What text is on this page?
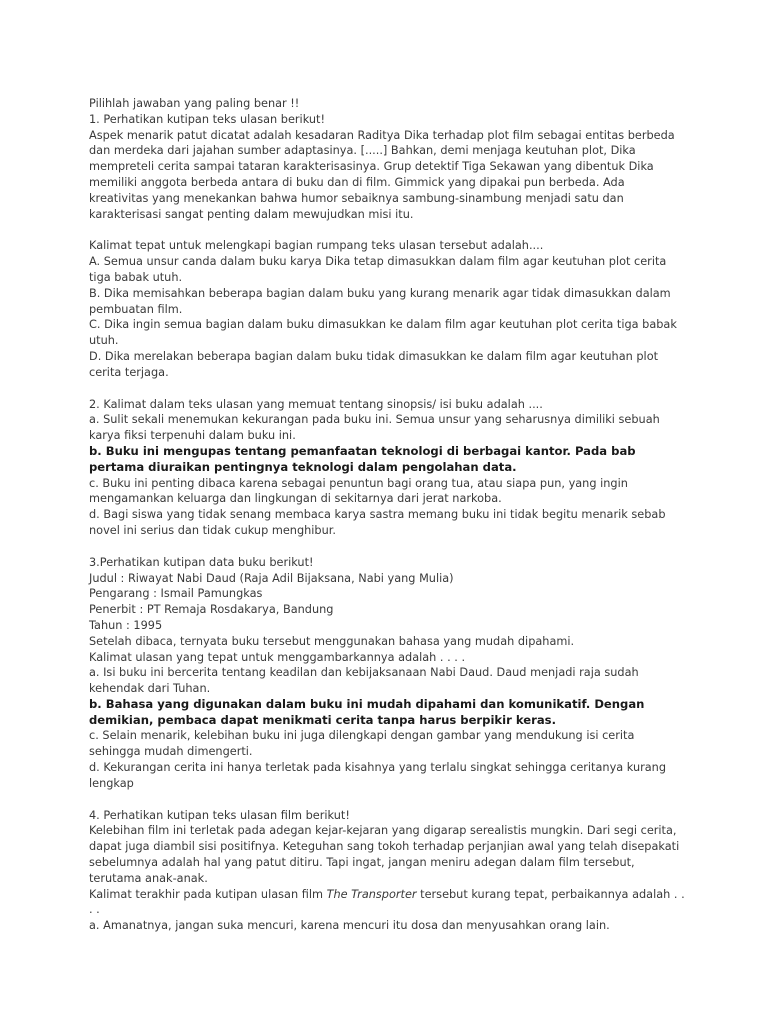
Pilihlah jawaban yang paling benar !!

1. Perhatikan kutipan teks ulasan berikut!

Aspek menarik patut dicatat adalah kesadaran Raditya Dika terhadap plot film sebagai entitas berbeda dan merdeka dari jajahan sumber adaptasinya. [.....] Bahkan, demi menjaga keutuhan plot, Dika mempreteli cerita sampai tataran karakterisasinya. Grup detektif Tiga Sekawan yang dibentuk Dika memiliki anggota berbeda antara di buku dan di film. Gimmick yang dipakai pun berbeda. Ada kreativitas yang menekankan bahwa humor sebaiknya sambung-sinambung menjadi satu dan karakterisasi sangat penting dalam mewujudkan misi itu.

Kalimat tepat untuk melengkapi bagian rumpang teks ulasan tersebut adalah....

A. Semua unsur canda dalam buku karya Dika tetap dimasukkan dalam film agar keutuhan plot cerita tiga babak utuh.

B. Dika memisahkan beberapa bagian dalam buku yang kurang menarik agar tidak dimasukkan dalam pembuatan film.

C. Dika ingin semua bagian dalam buku dimasukkan ke dalam film agar keutuhan plot cerita tiga babak utuh.

D. Dika merelakan beberapa bagian dalam buku tidak dimasukkan ke dalam film agar keutuhan plot cerita terjaga.

2. Kalimat dalam teks ulasan yang memuat tentang sinopsis/ isi buku adalah ....

a. Sulit sekali menemukan kekurangan pada buku ini. Semua unsur yang seharusnya dimiliki sebuah karya fiksi terpenuhi dalam buku ini.

b. Buku ini mengupas tentang pemanfaatan teknologi di berbagai kantor. Pada bab pertama diuraikan pentingnya teknologi dalam pengolahan data.

c. Buku ini penting dibaca karena sebagai penuntun bagi orang tua, atau siapa pun, yang ingin mengamankan keluarga dan lingkungan di sekitarnya dari jerat narkoba.

d. Bagi siswa yang tidak senang membaca karya sastra memang buku ini tidak begitu menarik sebab novel ini serius dan tidak cukup menghibur.

3.Perhatikan kutipan data buku berikut!

Judul : Riwayat Nabi Daud (Raja Adil Bijaksana, Nabi yang Mulia)

Pengarang : Ismail Pamungkas

Penerbit : PT Remaja Rosdakarya, Bandung

Tahun : 1995

Setelah dibaca, ternyata buku tersebut menggunakan bahasa yang mudah dipahami.

Kalimat ulasan yang tepat untuk menggambarkannya adalah . . . .

a. Isi buku ini bercerita tentang keadilan dan kebijaksanaan Nabi Daud. Daud menjadi raja sudah kehendak dari Tuhan.

b. Bahasa yang digunakan dalam buku ini mudah dipahami dan komunikatif. Dengan demikian, pembaca dapat menikmati cerita tanpa harus berpikir keras.

c. Selain menarik, kelebihan buku ini juga dilengkapi dengan gambar yang mendukung isi cerita sehingga mudah dimengerti.

d. Kekurangan cerita ini hanya terletak pada kisahnya yang terlalu singkat sehingga ceritanya kurang lengkap

4. Perhatikan kutipan teks ulasan film berikut!

Kelebihan film ini terletak pada adegan kejar-kejaran yang digarap serealistis mungkin. Dari segi cerita, dapat juga diambil sisi positifnya. Keteguhan sang tokoh terhadap perjanjian awal yang telah disepakati sebelumnya adalah hal yang patut ditiru. Tapi ingat, jangan meniru adegan dalam film tersebut, terutama anak-anak.

Kalimat terakhir pada kutipan ulasan film The Transporter tersebut kurang tepat, perbaikannya adalah . . . .

a. Amanatnya, jangan suka mencuri, karena mencuri itu dosa dan menyusahkan orang lain.
